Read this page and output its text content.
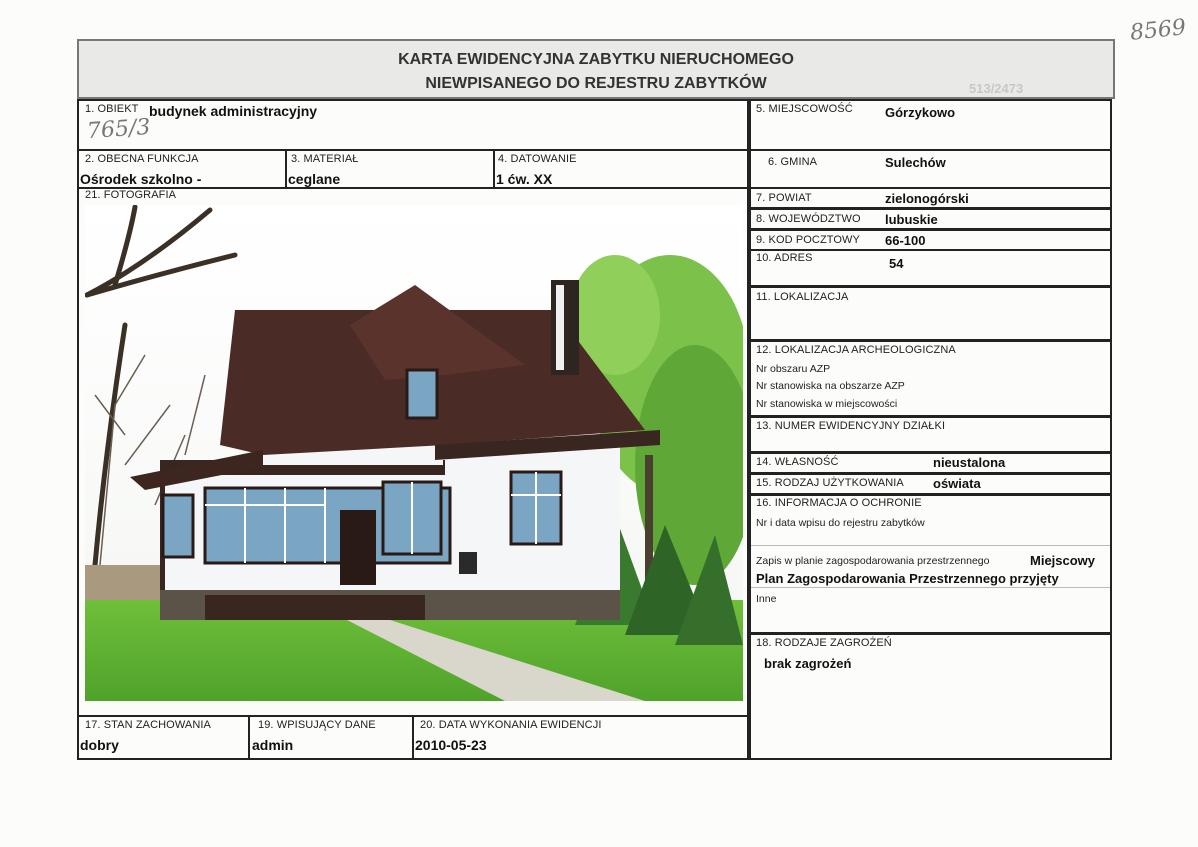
8569
KARTA EWIDENCYJNA ZABYTKU NIERUCHOMEGO
NIEWPISANEGO DO REJESTRU ZABYTKÓW	513/2473
1. OBIEKT budynek administracyjny
765/3
2. OBECNA FUNKCJA
Ośrodek szkolno -
3. MATERIAŁ
ceglane
4. DATOWANIE
1 ćw. XX
21. FOTOGRAFIA
17. STAN ZACHOWANIA
dobry
19. WPISUJĄCY DANE
admin
20. DATA WYKONANIA EWIDENCJI
2010-05-23
5. MIEJSCOWOŚĆ Górzykowo
6. GMINA	Sulechów
7. POWIAT	zielonogórski
8. WOJEWÓDZTWO lubuskie
9. KOD POCZTOWY 66-100
10. ADRES	54
11. LOKALIZACJA
12. LOKALIZACJA ARCHEOLOGICZNA
Nr obszaru AZP
Nr stanowiska na obszarze AZP
Nr stanowiska w miejscowości
13. NUMER EWIDENCYJNY DZIAŁKI
14. WŁASNOŚĆ	nieustalona
15. RODZAJ UŻYTKOWANIA oświata
16. INFORMACJA O OCHRONIE
Nr i data wpisu do rejestru zabytków
Zapis w planie zagospodarowania przestrzennego	Miejscowy
Plan Zagospodarowania Przestrzennego przyjęty
Inne
18. RODZAJE ZAGROŻEŃ
brak zagrożeń
